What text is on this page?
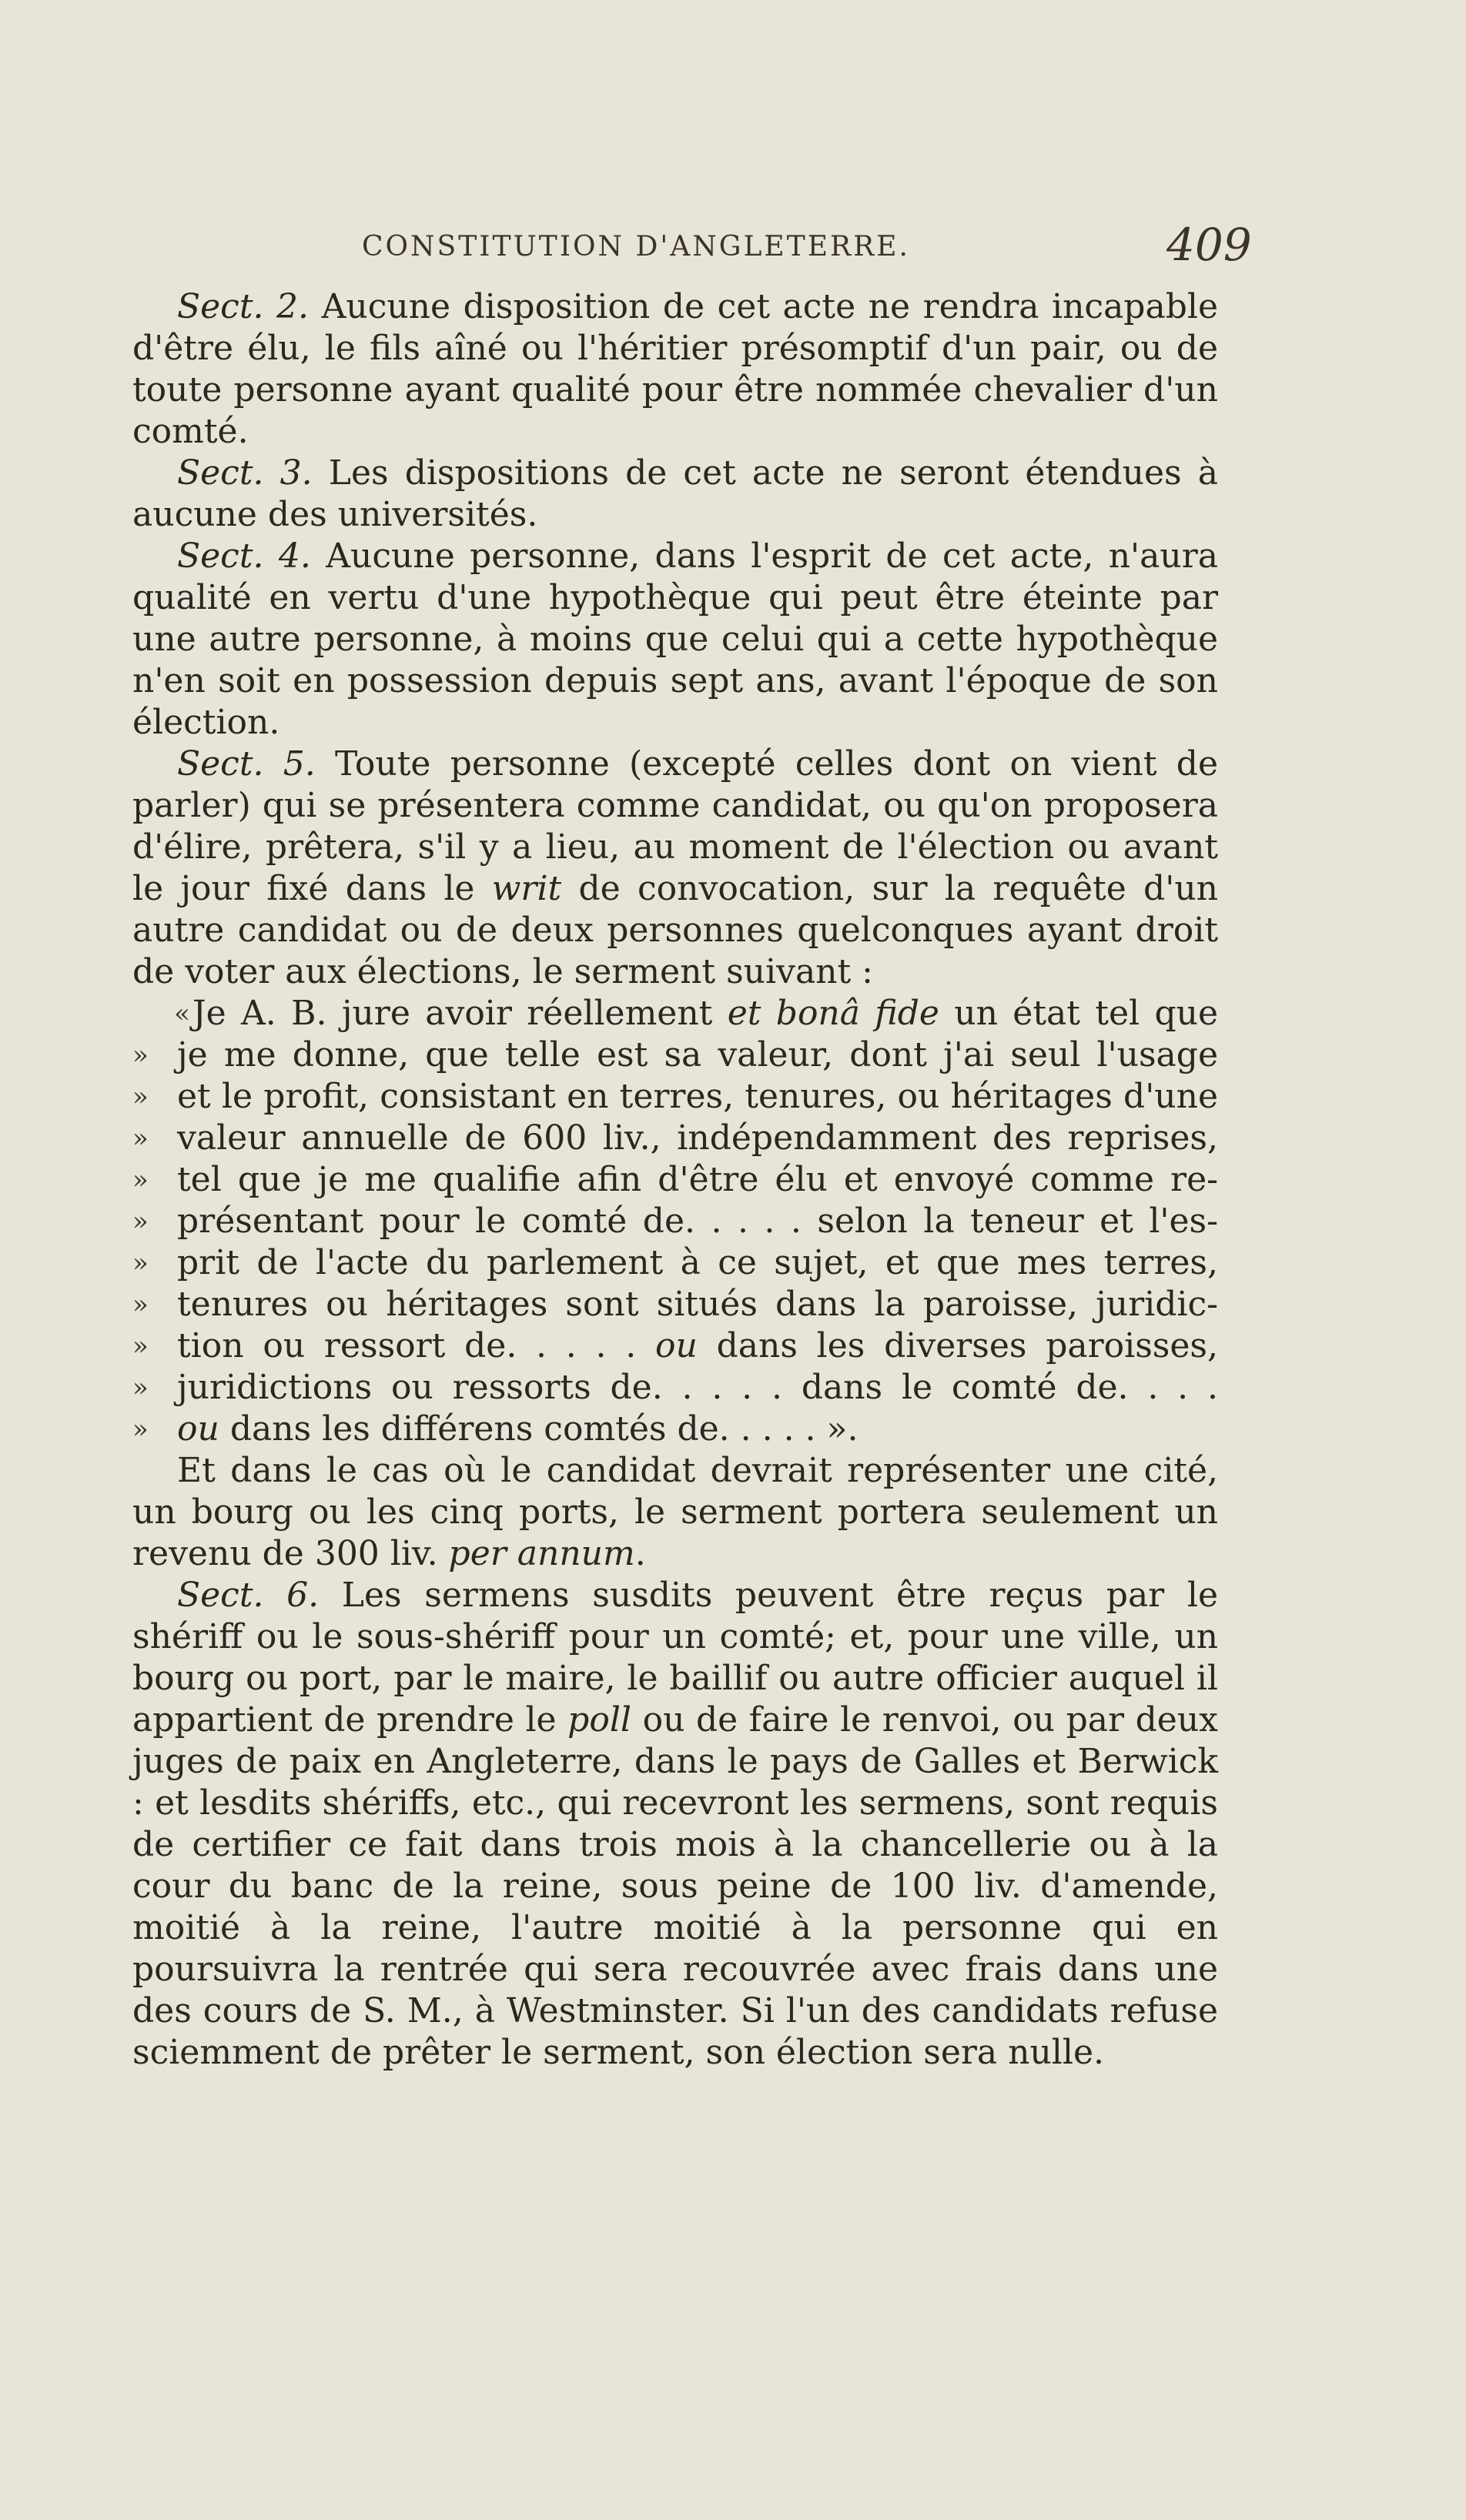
CONSTITUTION D'ANGLETERRE.	409

Sect. 2. Aucune disposition de cet acte ne rendra incapable d'être élu, le fils aîné ou l'héritier présomptif d'un pair, ou de toute personne ayant qualité pour être nommée chevalier d'un comté.

Sect. 3. Les dispositions de cet acte ne seront étendues à aucune des universités.

Sect. 4. Aucune personne, dans l'esprit de cet acte, n'aura qualité en vertu d'une hypothèque qui peut être éteinte par une autre personne, à moins que celui qui a cette hypothèque n'en soit en possession depuis sept ans, avant l'époque de son élection.

Sect. 5. Toute personne (excepté celles dont on vient de parler) qui se présentera comme candidat, ou qu'on proposera d'élire, prêtera, s'il y a lieu, au moment de l'élection ou avant le jour fixé dans le writ de convocation, sur la requête d'un autre candidat ou de deux personnes quelconques ayant droit de voter aux élections, le serment suivant :

« Je A. B. jure avoir réellement et bonâ fide un état tel que

» je me donne, que telle est sa valeur, dont j'ai seul l'usage

» et le profit, consistant en terres, tenures, ou héritages d'une

» valeur annuelle de 600 liv., indépendamment des reprises,

» tel que je me qualifie afin d'être élu et envoyé comme re-

» présentant pour le comté de. . . . . selon la teneur et l'es-

» prit de l'acte du parlement à ce sujet, et que mes terres,

» tenures ou héritages sont situés dans la paroisse, juridic-

» tion ou ressort de. . . . . ou dans les diverses paroisses,

» juridictions ou ressorts de. . . . . dans le comté de. . . .

» ou dans les différens comtés de. . . . . ».

Et dans le cas où le candidat devrait représenter une cité, un bourg ou les cinq ports, le serment portera seulement un revenu de 300 liv. per annum.

Sect. 6. Les sermens susdits peuvent être reçus par le shériff ou le sous-shériff pour un comté; et, pour une ville, un bourg ou port, par le maire, le baillif ou autre officier auquel il appartient de prendre le poll ou de faire le renvoi, ou par deux juges de paix en Angleterre, dans le pays de Galles et Berwick : et lesdits shériffs, etc., qui recevront les sermens, sont requis de certifier ce fait dans trois mois à la chancellerie ou à la cour du banc de la reine, sous peine de 100 liv. d'amende, moitié à la reine, l'autre moitié à la personne qui en poursuivra la rentrée qui sera recouvrée avec frais dans une des cours de S. M., à Westminster. Si l'un des candidats refuse sciemment de prêter le serment, son élection sera nulle.
